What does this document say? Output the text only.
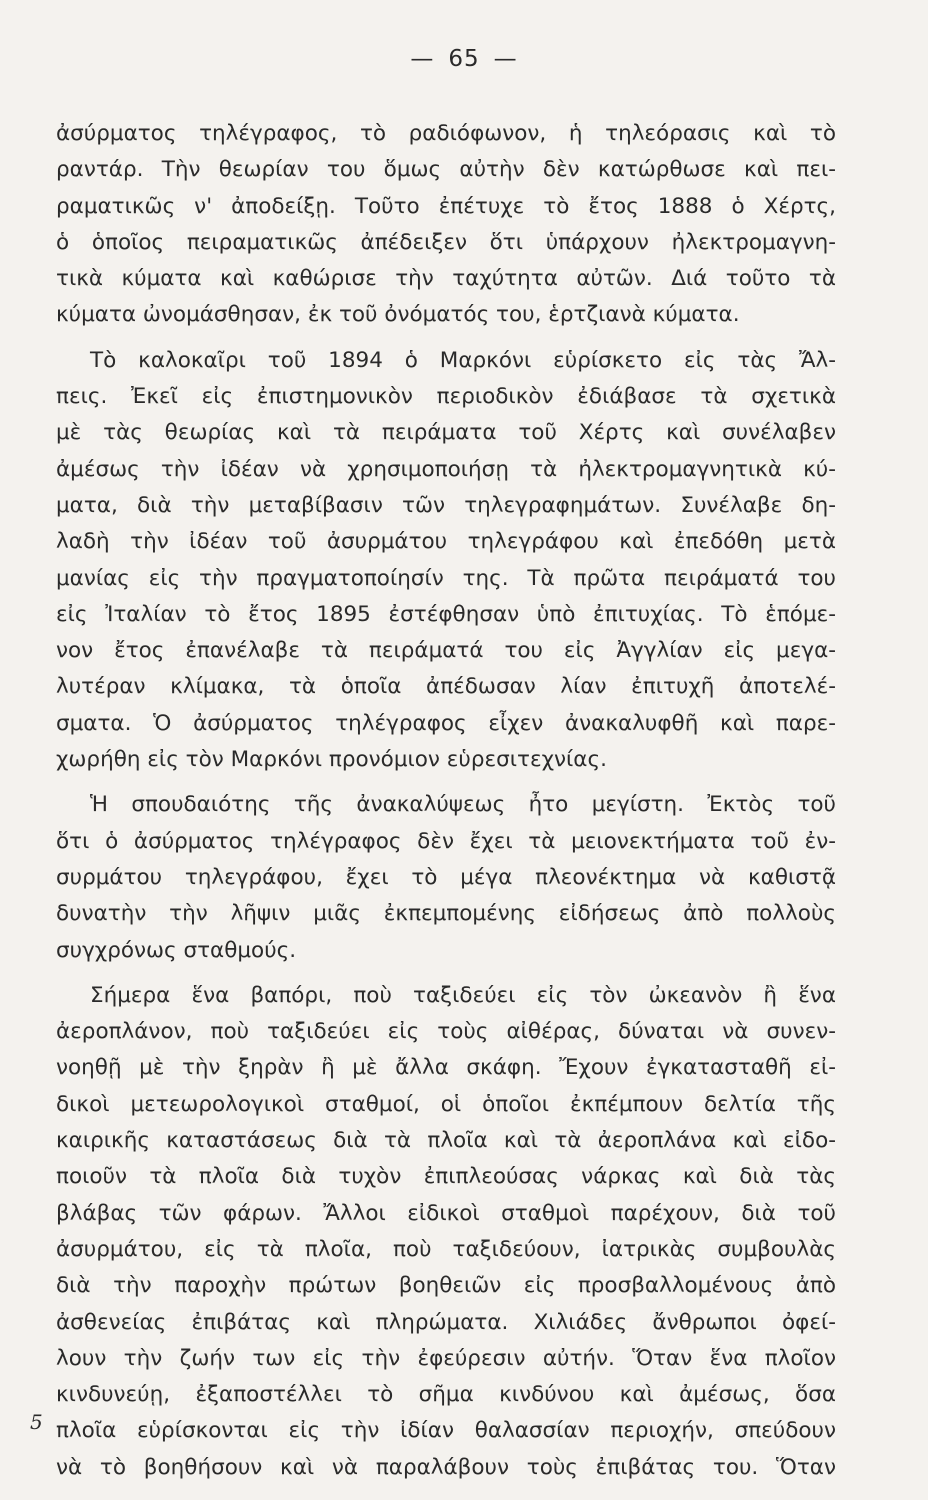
— 65 —
ἀσύρματος τηλέγραφος, τὸ ραδιόφωνον, ἡ τηλεόρασις καὶ τὸ
ραντάρ. Τὴν θεωρίαν του ὅμως αὐτὴν δὲν κατώρθωσε καὶ πει-
ραματικῶς ν' ἀποδείξῃ. Τοῦτο ἐπέτυχε τὸ ἔτος 1888 ὁ Χέρτς,
ὁ ὁποῖος πειραματικῶς ἀπέδειξεν ὅτι ὑπάρχουν ἠλεκτρομαγνη-
τικὰ κύματα καὶ καθώρισε τὴν ταχύτητα αὐτῶν. Διά τοῦτο τὰ
κύματα ὠνομάσθησαν, ἐκ τοῦ ὀνόματός του, ἑρτζιανὰ κύματα.
Τὸ καλοκαῖρι τοῦ 1894 ὁ Μαρκόνι εὑρίσκετο εἰς τὰς Ἄλ-
πεις. Ἐκεῖ εἰς ἐπιστημονικὸν περιοδικὸν ἐδιάβασε τὰ σχετικὰ
μὲ τὰς θεωρίας καὶ τὰ πειράματα τοῦ Χέρτς καὶ συνέλαβεν
ἀμέσως τὴν ἰδέαν νὰ χρησιμοποιήσῃ τὰ ἠλεκτρομαγνητικὰ κύ-
ματα, διὰ τὴν μεταβίβασιν τῶν τηλεγραφημάτων. Συνέλαβε δη-
λαδὴ τὴν ἰδέαν τοῦ ἀσυρμάτου τηλεγράφου καὶ ἐπεδόθη μετὰ
μανίας εἰς τὴν πραγματοποίησίν της. Τὰ πρῶτα πειράματά του
εἰς Ἰταλίαν τὸ ἔτος 1895 ἐστέφθησαν ὑπὸ ἐπιτυχίας. Τὸ ἑπόμε-
νον ἔτος ἐπανέλαβε τὰ πειράματά του εἰς Ἀγγλίαν εἰς μεγα-
λυτέραν κλίμακα, τὰ ὁποῖα ἀπέδωσαν λίαν ἐπιτυχῆ ἀποτελέ-
σματα. Ὁ ἀσύρματος τηλέγραφος εἶχεν ἀνακαλυφθῆ καὶ παρε-
χωρήθη εἰς τὸν Μαρκόνι προνόμιον εὑρεσιτεχνίας.
Ἡ σπουδαιότης τῆς ἀνακαλύψεως ἦτο μεγίστη. Ἐκτὸς τοῦ
ὅτι ὁ ἀσύρματος τηλέγραφος δὲν ἔχει τὰ μειονεκτήματα τοῦ ἐν-
συρμάτου τηλεγράφου, ἔχει τὸ μέγα πλεονέκτημα νὰ καθιστᾷ
δυνατὴν τὴν λῆψιν μιᾶς ἐκπεμπομένης εἰδήσεως ἀπὸ πολλοὺς
συγχρόνως σταθμούς.
Σήμερα ἕνα βαπόρι, ποὺ ταξιδεύει εἰς τὸν ὠκεανὸν ἢ ἕνα
ἀεροπλάνον, ποὺ ταξιδεύει εἰς τοὺς αἰθέρας, δύναται νὰ συνεν-
νοηθῇ μὲ τὴν ξηρὰν ἢ μὲ ἄλλα σκάφη. Ἔχουν ἐγκατασταθῆ εἰ-
δικοὶ μετεωρολογικοὶ σταθμοί, οἱ ὁποῖοι ἐκπέμπουν δελτία τῆς
καιρικῆς καταστάσεως διὰ τὰ πλοῖα καὶ τὰ ἀεροπλάνα καὶ εἰδο-
ποιοῦν τὰ πλοῖα διὰ τυχὸν ἐπιπλεούσας νάρκας καὶ διὰ τὰς
βλάβας τῶν φάρων. Ἄλλοι εἰδικοὶ σταθμοὶ παρέχουν, διὰ τοῦ
ἀσυρμάτου, εἰς τὰ πλοῖα, ποὺ ταξιδεύουν, ἰατρικὰς συμβουλὰς
διὰ τὴν παροχὴν πρώτων βοηθειῶν εἰς προσβαλλομένους ἀπὸ
ἀσθενείας ἐπιβάτας καὶ πληρώματα. Χιλιάδες ἄνθρωποι ὀφεί-
λουν τὴν ζωήν των εἰς τὴν ἐφεύρεσιν αὐτήν. Ὅταν ἕνα πλοῖον
κινδυνεύῃ, ἐξαποστέλλει τὸ σῆμα κινδύνου καὶ ἀμέσως, ὅσα
πλοῖα εὑρίσκονται εἰς τὴν ἰδίαν θαλασσίαν περιοχήν, σπεύδουν
νὰ τὸ βοηθήσουν καὶ νὰ παραλάβουν τοὺς ἐπιβάτας του. Ὅταν
5
